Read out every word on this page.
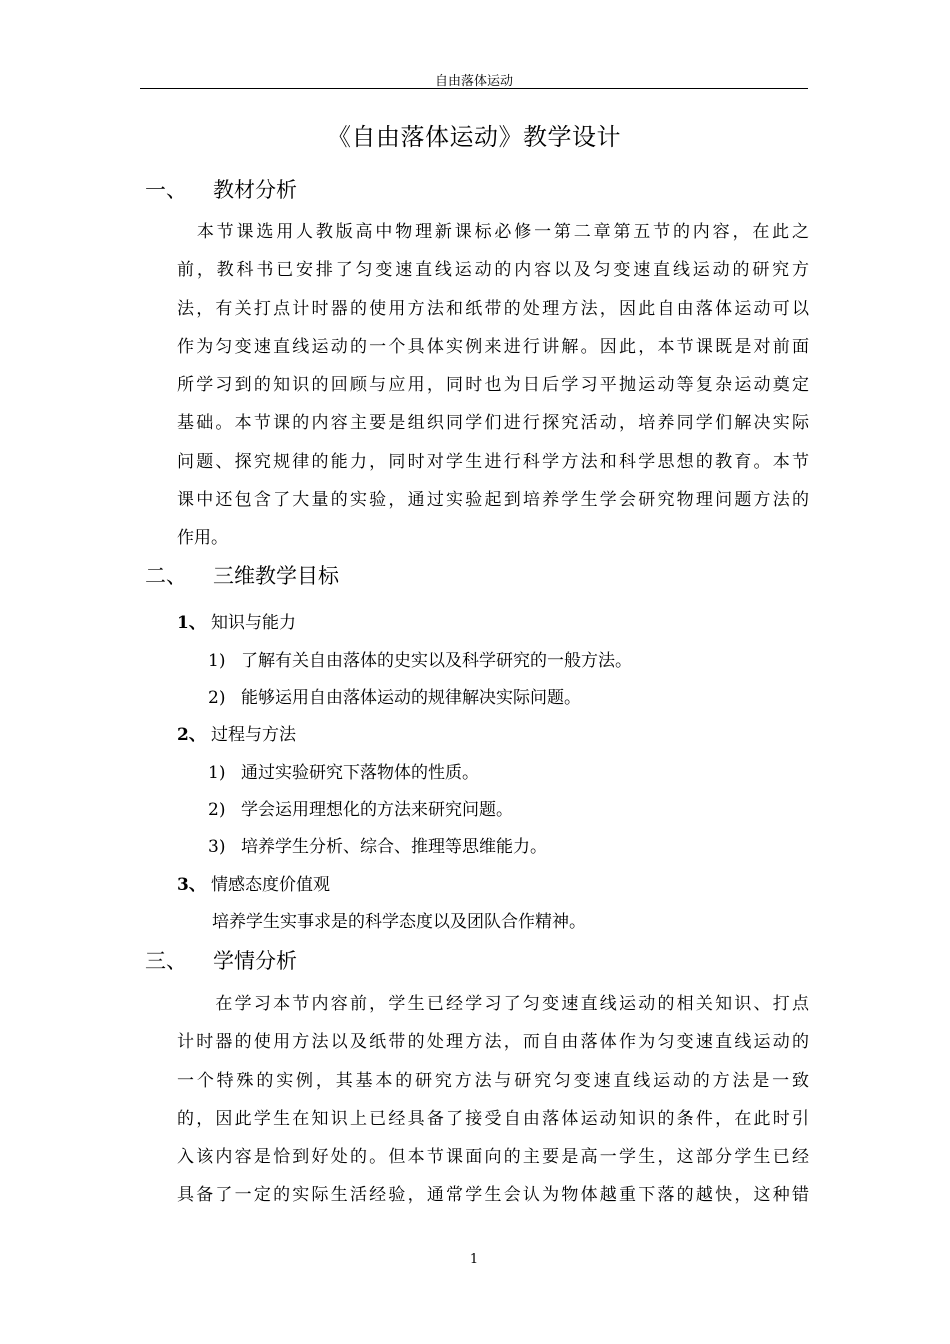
自由落体运动
《自由落体运动》教学设计
一、 教材分析
　本节课选用人教版高中物理新课标必修一第二章第五节的内容，在此之
前，教科书已安排了匀变速直线运动的内容以及匀变速直线运动的研究方
法，有关打点计时器的使用方法和纸带的处理方法，因此自由落体运动可以
作为匀变速直线运动的一个具体实例来进行讲解。因此，本节课既是对前面
所学习到的知识的回顾与应用，同时也为日后学习平抛运动等复杂运动奠定
基础。本节课的内容主要是组织同学们进行探究活动，培养同学们解决实际
问题、探究规律的能力，同时对学生进行科学方法和科学思想的教育。本节
课中还包含了大量的实验，通过实验起到培养学生学会研究物理问题方法的
作用。
二、 三维教学目标
1、 知识与能力
1) 了解有关自由落体的史实以及科学研究的一般方法。
2) 能够运用自由落体运动的规律解决实际问题。
2、 过程与方法
1) 通过实验研究下落物体的性质。
2) 学会运用理想化的方法来研究问题。
3) 培养学生分析、综合、推理等思维能力。
3、 情感态度价值观
培养学生实事求是的科学态度以及团队合作精神。
三、 学情分析
　　在学习本节内容前，学生已经学习了匀变速直线运动的相关知识、打点
计时器的使用方法以及纸带的处理方法，而自由落体作为匀变速直线运动的
一个特殊的实例，其基本的研究方法与研究匀变速直线运动的方法是一致
的，因此学生在知识上已经具备了接受自由落体运动知识的条件，在此时引
入该内容是恰到好处的。但本节课面向的主要是高一学生，这部分学生已经
具备了一定的实际生活经验，通常学生会认为物体越重下落的越快，这种错
1
